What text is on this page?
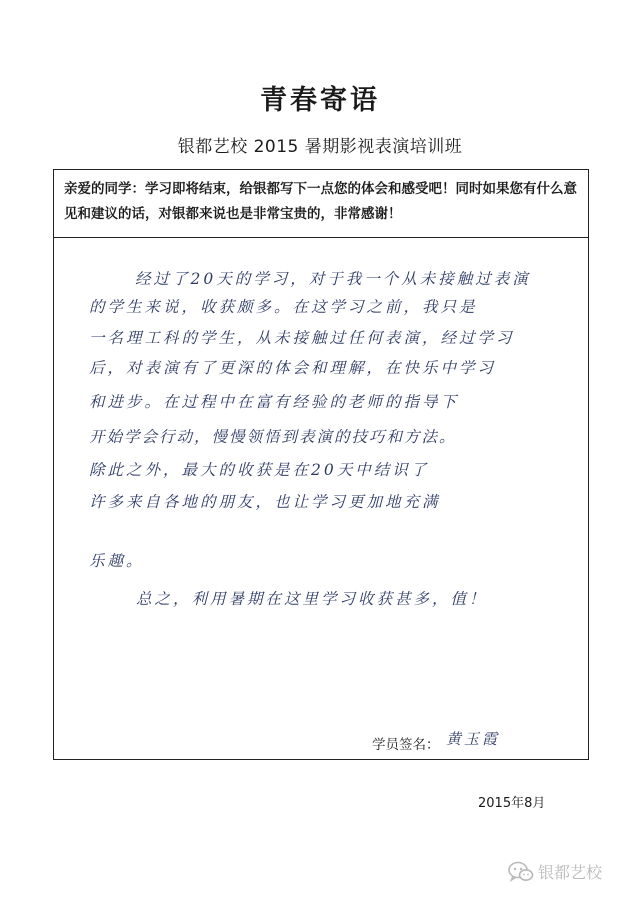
青春寄语
银都艺校 2015 暑期影视表演培训班
亲爱的同学：学习即将结束，给银都写下一点您的体会和感受吧！同时如果您有什么意见和建议的话，对银都来说也是非常宝贵的，非常感谢！
经过了20天的学习，对于我一个从未接触过表演
的学生来说，收获颇多。在这学习之前，我只是
一名理工科的学生，从未接触过任何表演，经过学习
后，对表演有了更深的体会和理解，在快乐中学习
和进步。在过程中在富有经验的老师的指导下
开始学会行动，慢慢领悟到表演的技巧和方法。
除此之外，最大的收获是在20天中结识了
许多来自各地的朋友，也让学习更加地充满
乐趣。
总之，利用暑期在这里学习收获甚多，值！
学员签名： 黄玉霞
2015年8月
银都艺校
